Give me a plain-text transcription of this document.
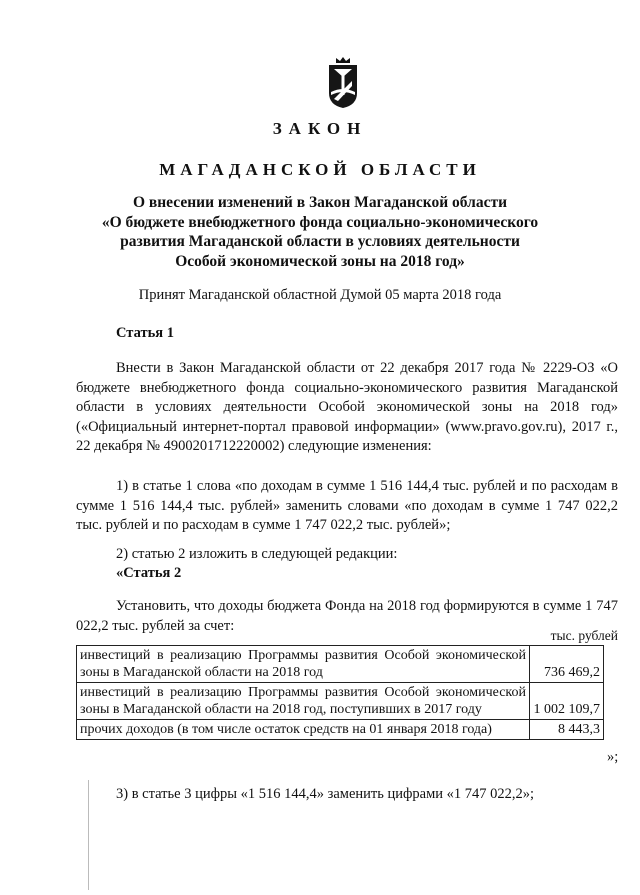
ЗАКОН
МАГАДАНСКОЙ ОБЛАСТИ
О внесении изменений в Закон Магаданской области
«О бюджете внебюджетного фонда социально-экономического
развития Магаданской области в условиях деятельности
Особой экономической зоны на 2018 год»
Принят Магаданской областной Думой 05 марта 2018 года
Статья 1
Внести в Закон Магаданской области от 22 декабря 2017 года № 2229-ОЗ «О бюджете внебюджетного фонда социально-экономического развития Магаданской области в условиях деятельности Особой экономической зоны на 2018 год» («Официальный интернет-портал правовой информации» (www.pravo.gov.ru), 2017 г., 22 декабря № 4900201712220002) следующие изменения:
1) в статье 1 слова «по доходам в сумме 1 516 144,4 тыс. рублей и по расходам в сумме 1 516 144,4 тыс. рублей» заменить словами «по доходам в сумме 1 747 022,2 тыс. рублей и по расходам в сумме 1 747 022,2 тыс. рублей»;
2) статью 2 изложить в следующей редакции:
«Статья 2
Установить, что доходы бюджета Фонда на 2018 год формируются в сумме 1 747 022,2 тыс. рублей за счет:
тыс. рублей
инвестиций в реализацию Программы развития Особой экономической зоны в Магаданской области на 2018 год	736 469,2
инвестиций в реализацию Программы развития Особой экономической зоны в Магаданской области на 2018 год, поступивших в 2017 году	1 002 109,7
прочих доходов (в том числе остаток средств на 01 января 2018 года)	8 443,3
»;
3) в статье 3 цифры «1 516 144,4» заменить цифрами «1 747 022,2»;
